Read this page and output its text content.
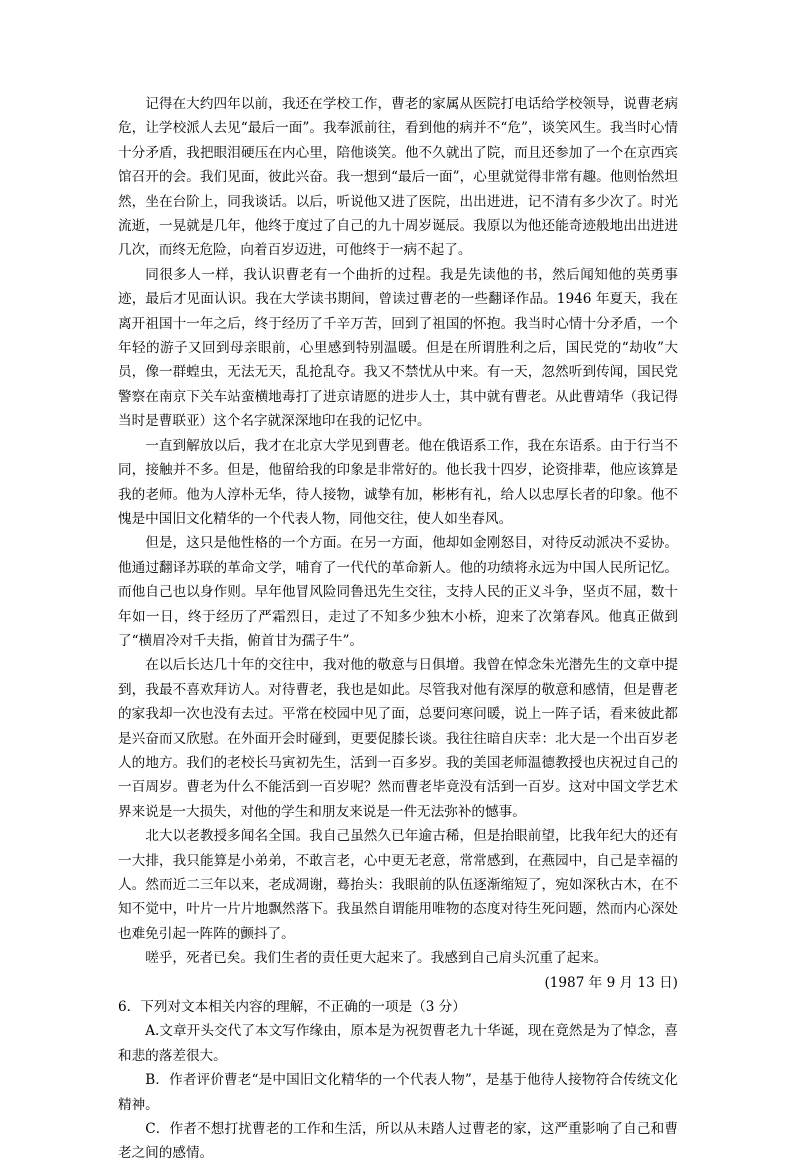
记得在大约四年以前，我还在学校工作，曹老的家属从医院打电话给学校领导，说曹老病危，让学校派人去见“最后一面”。我奉派前往，看到他的病并不“危”，谈笑风生。我当时心情十分矛盾，我把眼泪硬压在内心里，陪他谈笑。他不久就出了院，而且还参加了一个在京西宾馆召开的会。我们见面，彼此兴奋。我一想到“最后一面”，心里就觉得非常有趣。他则怡然坦然，坐在台阶上，同我谈话。以后，听说他又进了医院，出出进进，记不清有多少次了。时光流逝，一晃就是几年，他终于度过了自己的九十周岁诞辰。我原以为他还能奇迹般地出出进进几次，而终无危险，向着百岁迈进，可他终于一病不起了。

同很多人一样，我认识曹老有一个曲折的过程。我是先读他的书，然后闻知他的英勇事迹，最后才见面认识。我在大学读书期间，曾读过曹老的一些翻译作品。1946 年夏天，我在离开祖国十一年之后，终于经历了千辛万苦，回到了祖国的怀抱。我当时心情十分矛盾，一个年轻的游子又回到母亲眼前，心里感到特别温暖。但是在所谓胜利之后，国民党的“劫收”大员，像一群蝗虫，无法无天，乱抢乱夺。我又不禁忧从中来。有一天，忽然听到传闻，国民党警察在南京下关车站蛮横地毒打了进京请愿的进步人士，其中就有曹老。从此曹靖华（我记得当时是曹联亚）这个名字就深深地印在我的记忆中。

一直到解放以后，我才在北京大学见到曹老。他在俄语系工作，我在东语系。由于行当不同，接触并不多。但是，他留给我的印象是非常好的。他长我十四岁，论资排辈，他应该算是我的老师。他为人淳朴无华，待人接物，诚挚有加，彬彬有礼，给人以忠厚长者的印象。他不愧是中国旧文化精华的一个代表人物，同他交往，使人如坐春风。

但是，这只是他性格的一个方面。在另一方面，他却如金刚怒目，对待反动派决不妥协。他通过翻译苏联的革命文学，哺育了一代代的革命新人。他的功绩将永远为中国人民所记忆。而他自己也以身作则。早年他冒风险同鲁迅先生交往，支持人民的正义斗争，坚贞不屈，数十年如一日，终于经历了严霜烈日，走过了不知多少独木小桥，迎来了次第春风。他真正做到了“横眉冷对千夫指，俯首甘为孺子牛”。

在以后长达几十年的交往中，我对他的敬意与日俱增。我曾在悼念朱光潜先生的文章中提到，我最不喜欢拜访人。对待曹老，我也是如此。尽管我对他有深厚的敬意和感情，但是曹老的家我却一次也没有去过。平常在校园中见了面，总要问寒问暖，说上一阵子话，看来彼此都是兴奋而又欣慰。在外面开会时碰到，更要促膝长谈。我往往暗自庆幸：北大是一个出百岁老人的地方。我们的老校长马寅初先生，活到一百多岁。我的美国老师温德教授也庆祝过自己的一百周岁。曹老为什么不能活到一百岁呢？然而曹老毕竟没有活到一百岁。这对中国文学艺术界来说是一大损失，对他的学生和朋友来说是一件无法弥补的憾事。

北大以老教授多闻名全国。我自己虽然久已年逾古稀，但是抬眼前望，比我年纪大的还有一大排，我只能算是小弟弟，不敢言老，心中更无老意，常常感到，在燕园中，自己是幸福的人。然而近二三年以来，老成凋谢，蓦抬头：我眼前的队伍逐渐缩短了，宛如深秋古木，在不知不觉中，叶片一片片地飘然落下。我虽然自谓能用唯物的态度对待生死问题，然而内心深处也难免引起一阵阵的颤抖了。

嗟乎，死者已矣。我们生者的责任更大起来了。我感到自己肩头沉重了起来。

(1987 年 9 月 13 日)

6．下列对文本相关内容的理解，不正确的一项是（3 分）

A.文章开头交代了本文写作缘由，原本是为祝贺曹老九十华诞，现在竟然是为了悼念，喜和悲的落差很大。

B．作者评价曹老“是中国旧文化精华的一个代表人物”，是基于他待人接物符合传统文化精神。

C．作者不想打扰曹老的工作和生活，所以从未踏人过曹老的家，这严重影响了自己和曹老之间的感情。
